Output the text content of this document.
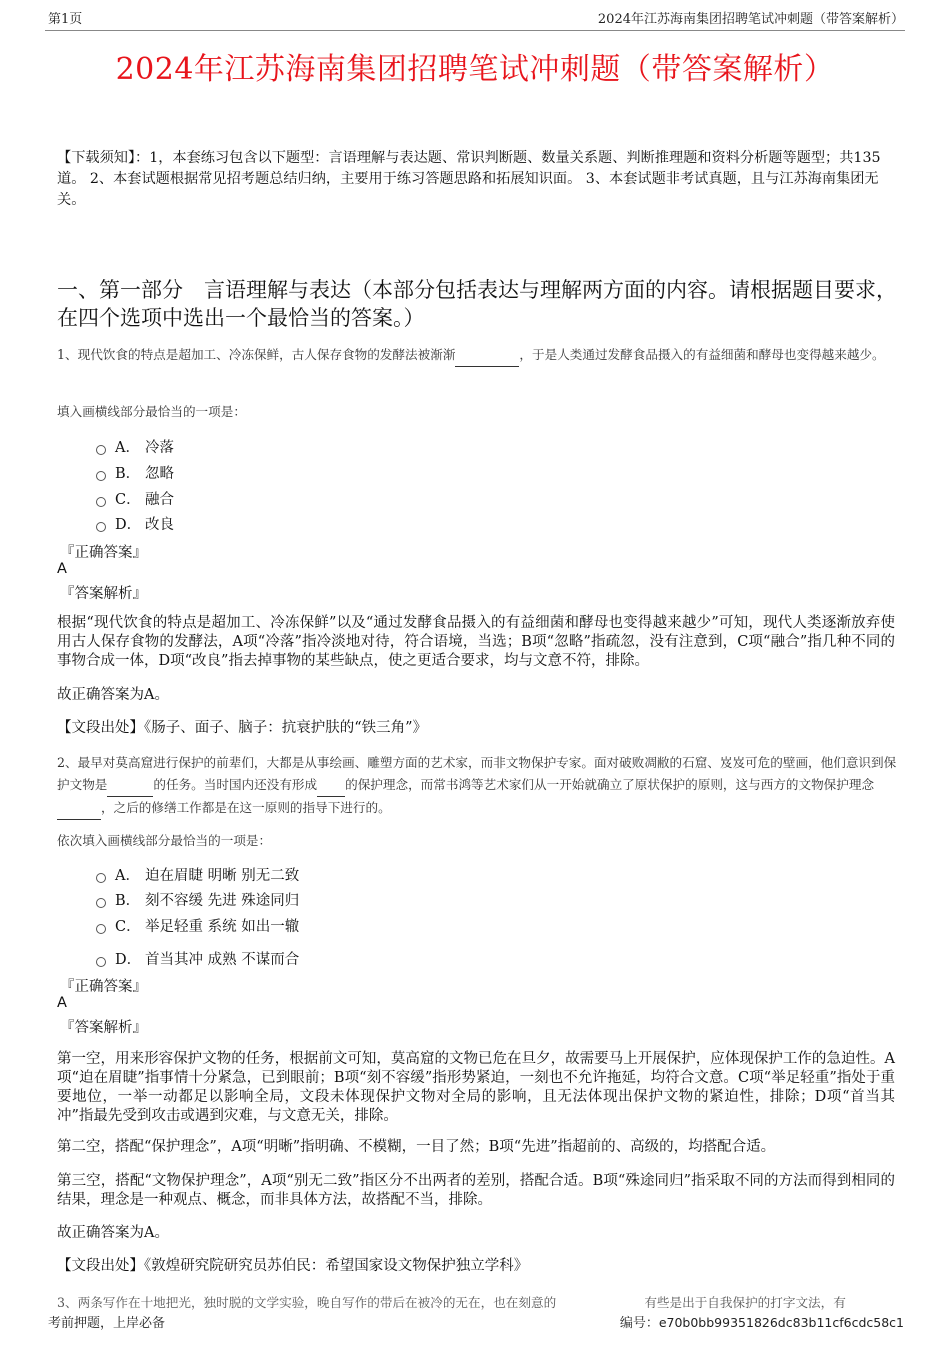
第1页	2024年江苏海南集团招聘笔试冲刺题（带答案解析）
2024年江苏海南集团招聘笔试冲刺题（带答案解析）
【下载须知】：1，本套练习包含以下题型：言语理解与表达题、常识判断题、数量关系题、判断推理题和资料分析题等题型；共135道。 2、本套试题根据常见招考题总结归纳，主要用于练习答题思路和拓展知识面。 3、本套试题非考试真题，且与江苏海南集团无关。
一、第一部分　言语理解与表达（本部分包括表达与理解两方面的内容。请根据题目要求，在四个选项中选出一个最恰当的答案。）
1、现代饮食的特点是超加工、冷冻保鲜，古人保存食物的发酵法被渐渐	，于是人类通过发酵食品摄入的有益细菌和酵母也变得越来越少。
填入画横线部分最恰当的一项是：
A． 冷落
B． 忽略
C． 融合
D． 改良
『正确答案』
A
『答案解析』
根据“现代饮食的特点是超加工、冷冻保鲜”以及“通过发酵食品摄入的有益细菌和酵母也变得越来越少”可知，现代人类逐渐放弃使用古人保存食物的发酵法，A项“冷落”指冷淡地对待，符合语境，当选；B项“忽略”指疏忽，没有注意到，C项“融合”指几种不同的事物合成一体，D项“改良”指去掉事物的某些缺点，使之更适合要求，均与文意不符，排除。
故正确答案为A。
【文段出处】《肠子、面子、脑子：抗衰护肤的“铁三角”》
2、最早对莫高窟进行保护的前辈们，大都是从事绘画、雕塑方面的艺术家，而非文物保护专家。面对破败凋敝的石窟、岌岌可危的壁画，他们意识到保护文物是	的任务。当时国内还没有形成 的保护理念，而常书鸿等艺术家们从一开始就确立了原状保护的原则，这与西方的文物保护理念 ，之后的修缮工作都是在这一原则的指导下进行的。
依次填入画横线部分最恰当的一项是：
A． 迫在眉睫 明晰 别无二致
B． 刻不容缓 先进 殊途同归
C． 举足轻重 系统 如出一辙
D． 首当其冲 成熟 不谋而合
『正确答案』
A
『答案解析』
第一空，用来形容保护文物的任务，根据前文可知，莫高窟的文物已危在旦夕，故需要马上开展保护，应体现保护工作的急迫性。A项“迫在眉睫”指事情十分紧急，已到眼前；B项“刻不容缓”指形势紧迫，一刻也不允许拖延，均符合文意。C项“举足轻重”指处于重要地位，一举一动都足以影响全局，文段未体现保护文物对全局的影响，且无法体现出保护文物的紧迫性，排除；D项“首当其冲”指最先受到攻击或遇到灾难，与文意无关，排除。
第二空，搭配“保护理念”，A项“明晰”指明确、不模糊，一目了然；B项“先进”指超前的、高级的，均搭配合适。
第三空，搭配“文物保护理念”，A项“别无二致”指区分不出两者的差别，搭配合适。B项“殊途同归”指采取不同的方法而得到相同的结果，理念是一种观点、概念，而非具体方法，故搭配不当，排除。
故正确答案为A。
【文段出处】《敦煌研究院研究员苏伯民：希望国家设文物保护独立学科》
3、两条写作在十地把光，独时脱的文学实验，晚自写作的带后在被冷的无在，也在刻意的　　　　　　　有些是出于自我保护的打字文法，有
考前押题，上岸必备	编号：e70b0bb99351826dc83b11cf6cdc58c1
